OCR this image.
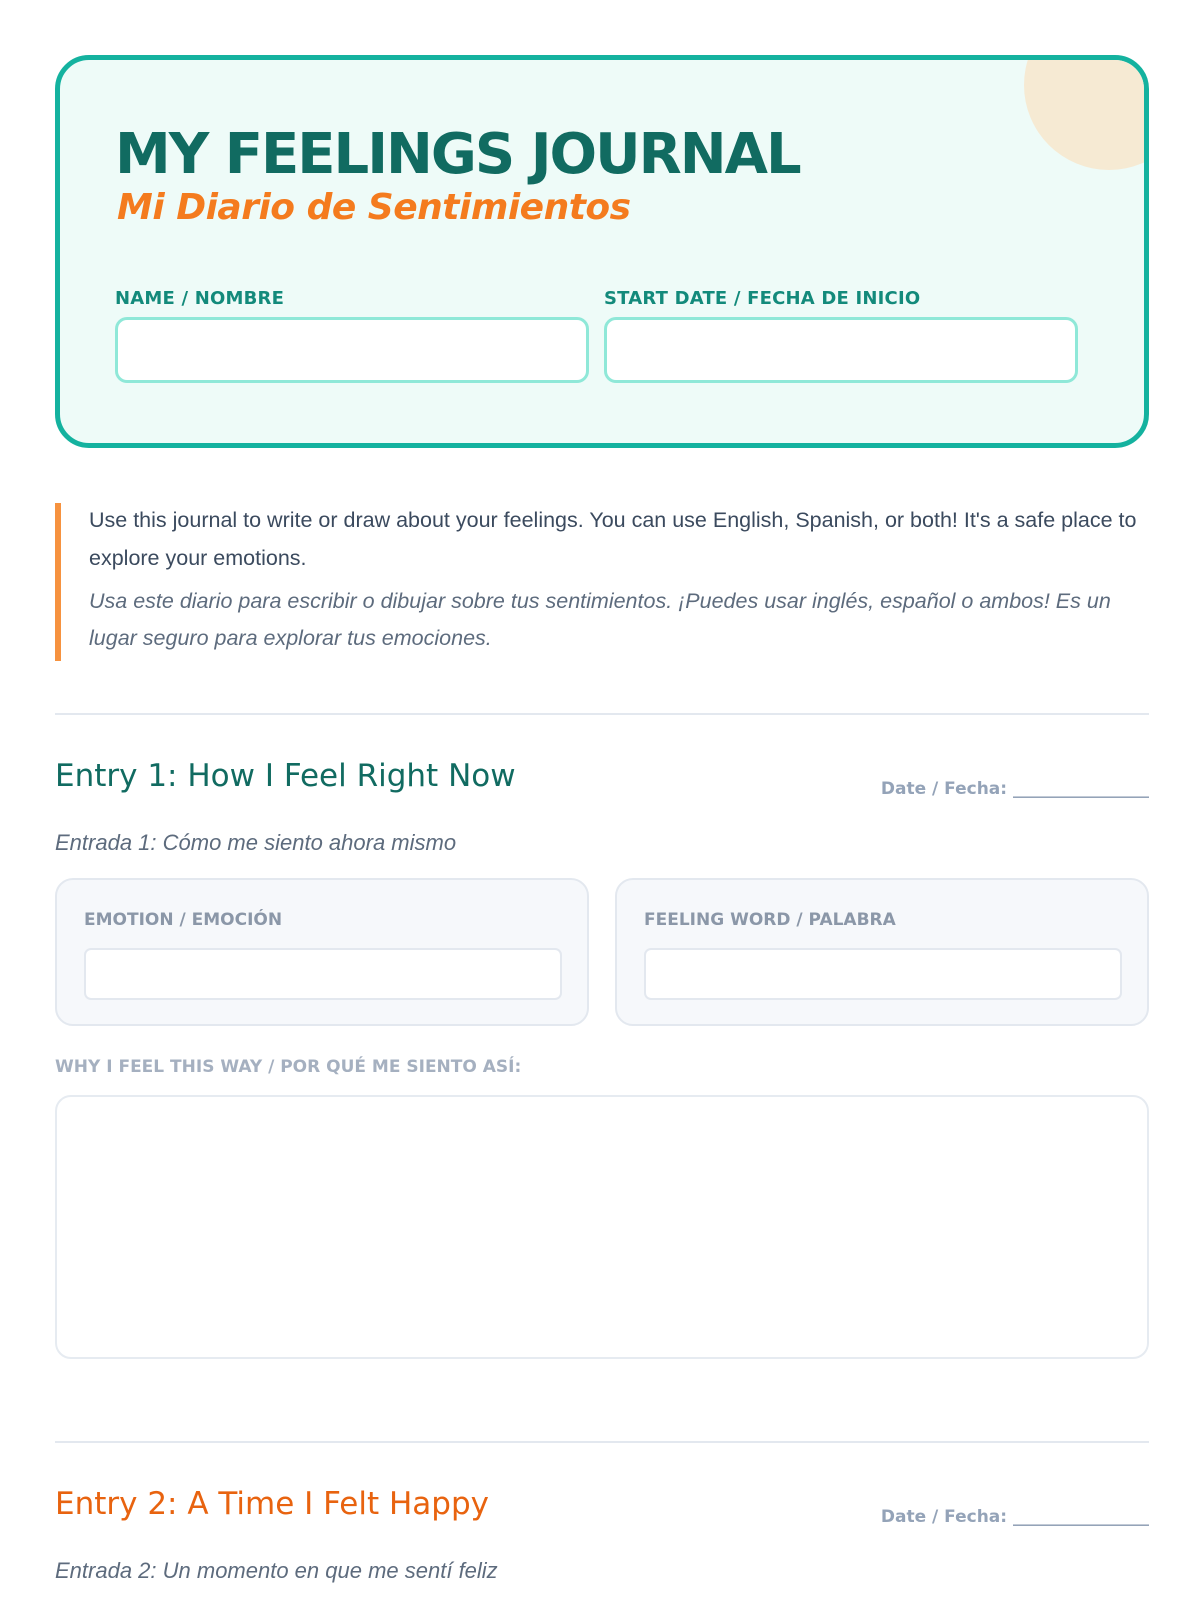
MY FEELINGS JOURNAL
Mi Diario de Sentimientos
NAME / NOMBRE	START DATE / FECHA DE INICIO

Use this journal to write or draw about your feelings. You can use English, Spanish, or both! It's a safe place to explore your emotions.

Usa este diario para escribir o dibujar sobre tus sentimientos. ¡Puedes usar inglés, español o ambos! Es un lugar seguro para explorar tus emociones.

Entry 1: How I Feel Right Now	Date / Fecha: ________________
Entrada 1: Cómo me siento ahora mismo
EMOTION / EMOCIÓN	FEELING WORD / PALABRA
WHY I FEEL THIS WAY / POR QUÉ ME SIENTO ASÍ:
Entry 2: A Time I Felt Happy	Date / Fecha: ________________
Entrada 2: Un momento en que me sentí feliz
